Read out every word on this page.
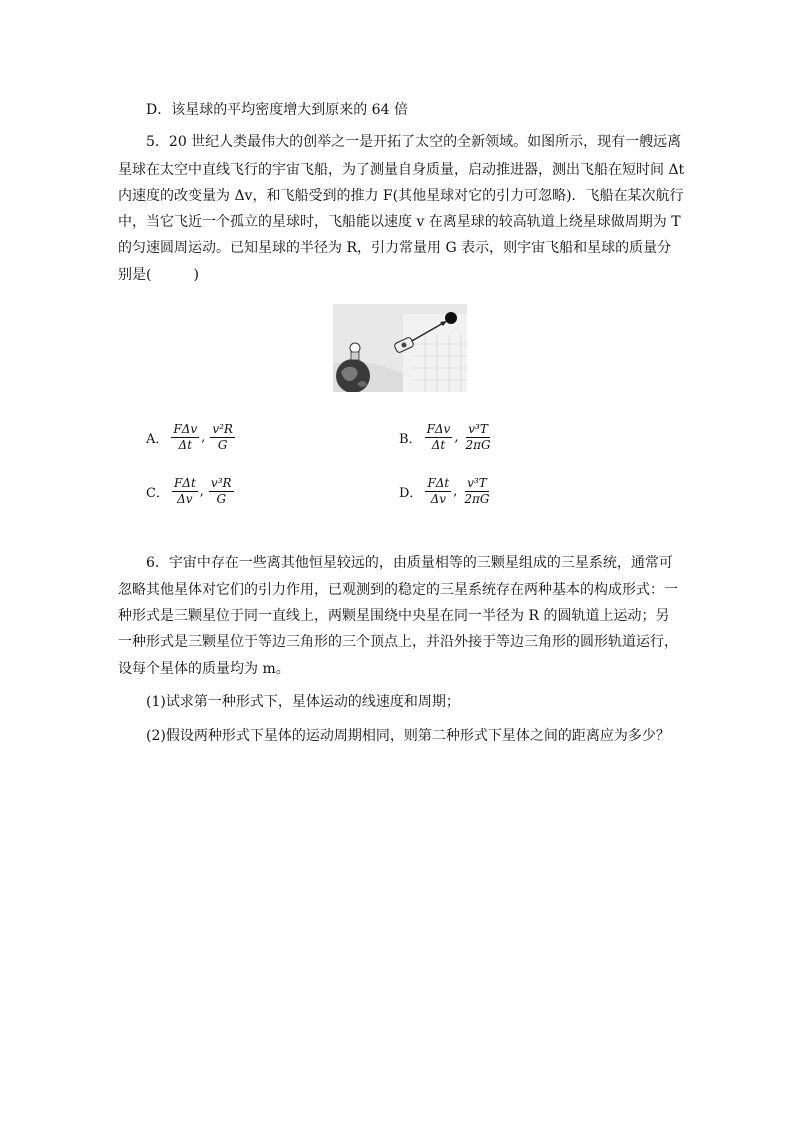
D．该星球的平均密度增大到原来的 64 倍
5．20 世纪人类最伟大的创举之一是开拓了太空的全新领域。如图所示，现有一艘远离
星球在太空中直线飞行的宇宙飞船，为了测量自身质量，启动推进器，测出飞船在短时间 Δt
内速度的改变量为 Δv，和飞船受到的推力 F(其他星球对它的引力可忽略)．飞船在某次航行
中，当它飞近一个孤立的星球时，飞船能以速度 v 在离星球的较高轨道上绕星球做周期为 T
的匀速圆周运动。已知星球的半径为 R，引力常量用 G 表示，则宇宙飞船和星球的质量分
别是(　　　)
A． $\frac{\text{FΔv}}{\Delta t}$ , $\frac{\text{v²R}}{G}$	B． $\frac{\text{FΔv}}{\Delta t}$ , $\frac{\text{v³T}}{2\pi G}$
C． $\frac{\text{FΔt}}{\Delta v}$ , $\frac{\text{v³R}}{G}$	D． $\frac{\text{FΔt}}{\Delta v}$ , $\frac{\text{v³T}}{2\pi G}$
6．宇宙中存在一些离其他恒星较远的，由质量相等的三颗星组成的三星系统，通常可
忽略其他星体对它们的引力作用，已观测到的稳定的三星系统存在两种基本的构成形式：一
种形式是三颗星位于同一直线上，两颗星围绕中央星在同一半径为 R 的圆轨道上运动；另
一种形式是三颗星位于等边三角形的三个顶点上，并沿外接于等边三角形的圆形轨道运行，
设每个星体的质量均为 m。
(1)试求第一种形式下，星体运动的线速度和周期；
(2)假设两种形式下星体的运动周期相同，则第二种形式下星体之间的距离应为多少？
